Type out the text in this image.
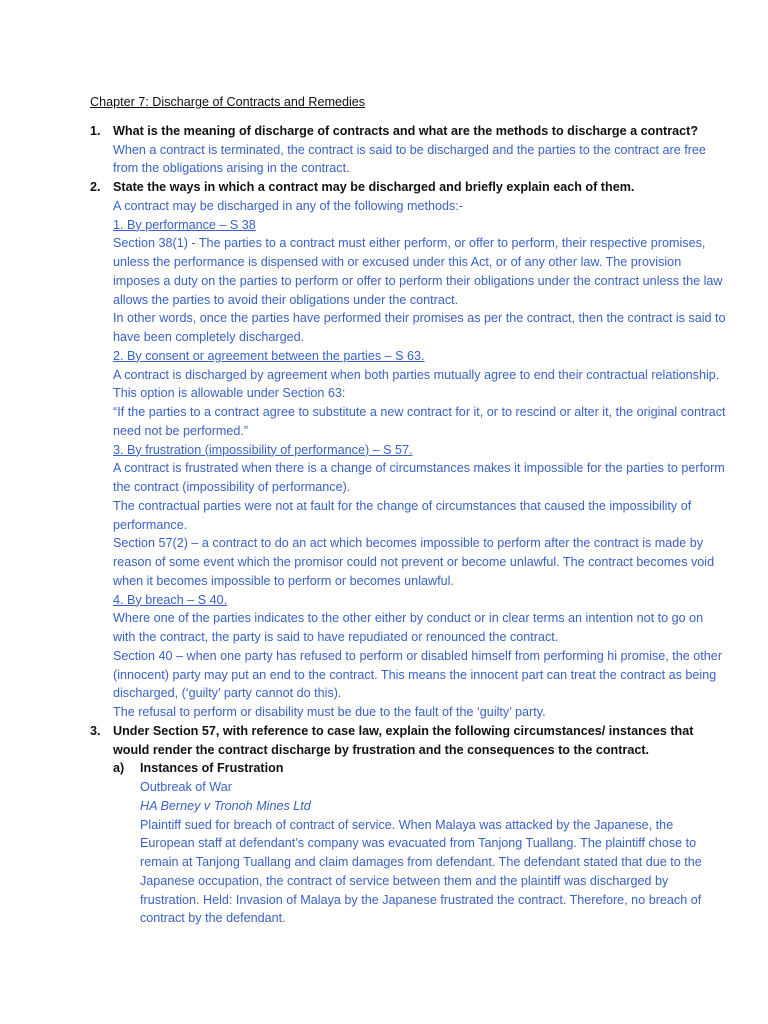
Chapter 7: Discharge of Contracts and Remedies
1. What is the meaning of discharge of contracts and what are the methods to discharge a contract?

When a contract is terminated, the contract is said to be discharged and the parties to the contract are free from the obligations arising in the contract.

2. State the ways in which a contract may be discharged and briefly explain each of them.

A contract may be discharged in any of the following methods:-

1. By performance – S 38

Section 38(1) - The parties to a contract must either perform, or offer to perform, their respective promises, unless the performance is dispensed with or excused under this Act, or of any other law. The provision imposes a duty on the parties to perform or offer to perform their obligations under the contract unless the law allows the parties to avoid their obligations under the contract.

In other words, once the parties have performed their promises as per the contract, then the contract is said to have been completely discharged.

2. By consent or agreement between the parties – S 63.

A contract is discharged by agreement when both parties mutually agree to end their contractual relationship. This option is allowable under Section 63:

“If the parties to a contract agree to substitute a new contract for it, or to rescind or alter it, the original contract need not be performed.”

3. By frustration (impossibility of performance) – S 57.

A contract is frustrated when there is a change of circumstances makes it impossible for the parties to perform the contract (impossibility of performance).

The contractual parties were not at fault for the change of circumstances that caused the impossibility of performance.

Section 57(2) – a contract to do an act which becomes impossible to perform after the contract is made by reason of some event which the promisor could not prevent or become unlawful. The contract becomes void when it becomes impossible to perform or becomes unlawful.

4. By breach – S 40.

Where one of the parties indicates to the other either by conduct or in clear terms an intention not to go on with the contract, the party is said to have repudiated or renounced the contract.

Section 40 – when one party has refused to perform or disabled himself from performing hi promise, the other (innocent) party may put an end to the contract. This means the innocent part can treat the contract as being discharged, (‘guilty’ party cannot do this).

The refusal to perform or disability must be due to the fault of the ‘guilty’ party.

3. Under Section 57, with reference to case law, explain the following circumstances/ instances that would render the contract discharge by frustration and the consequences to the contract.
a) Instances of Frustration

Outbreak of War

HA Berney v Tronoh Mines Ltd

Plaintiff sued for breach of contract of service. When Malaya was attacked by the Japanese, the European staff at defendant’s company was evacuated from Tanjong Tuallang. The plaintiff chose to remain at Tanjong Tuallang and claim damages from defendant. The defendant stated that due to the Japanese occupation, the contract of service between them and the plaintiff was discharged by frustration. Held: Invasion of Malaya by the Japanese frustrated the contract. Therefore, no breach of contract by the defendant.
